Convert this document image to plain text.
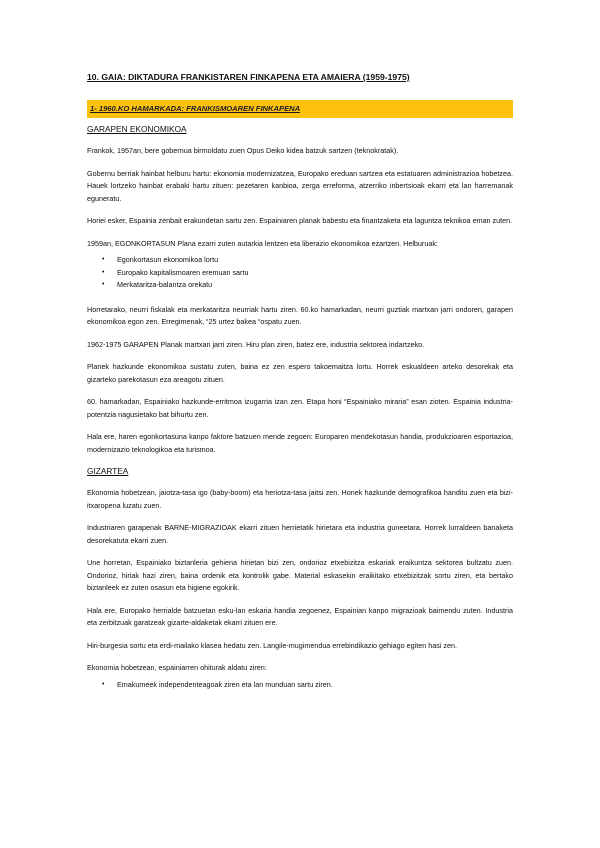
10. GAIA: DIKTADURA FRANKISTAREN FINKAPENA ETA AMAIERA (1959-1975)
1- 1960.KO HAMARKADA: FRANKISMOAREN FINKAPENA
GARAPEN EKONOMIKOA

Frankok, 1957an, bere gobernua birmoldatu zuen Opus Deiko kidea batzuk sartzen (teknokratak).

Gobernu berriak hainbat helburu hartu: ekonomia modernizatzea, Europako ereduan sartzea eta estatuaren administrazioa hobetzea. Hauek lortzeko hainbat erabaki hartu zituen: pezetaren kanbioa, zerga erreforma, atzerriko inbertsioak ekarri eta lan harremanak eguneratu.

Horiei esker, Espainia zenbait erakundetan sartu zen. Espainiaren planak babestu eta finantzaketa eta laguntza teknikoa eman zuten.

1959an, EGONKORTASUN Plana ezarri zuten autarkia lentzen eta liberazio ekonomikoa ezartzen. Helburuak:

• Egonkortasun ekonomikoa lortu
• Europako kapitalismoaren eremuan sartu
• Merkataritza-balantza orekatu

Horretarako, neurri fiskalak eta merkataritza neurriak hartu ziren. 60.ko hamarkadan, neurri guztiak martxan jarri ondoren, garapen ekonomikoa egon zen. Erregimenak, “25 urtez bakea “ospatu zuen.

1962-1975 GARAPEN Planak martxan jarri ziren. Hiru plan ziren, batez ere, industria sektorea indartzeko.

Planek hazkunde ekonomikoa sustatu zuten, baina ez zen espero takoemaitza lortu. Horrek eskualdeen arteko desorekak eta gizarteko parekotasun eza areagotu zituen.

60. hamarkadan, Espainiako hazkunde-erritmoa izugarria izan zen. Etapa honi “Espainiako miraria” esan zioten. Espainia industria-potentzia nagusietako bat bihurtu zen.

Hala ere, haren egonkortasuna kanpo faktore batzuen mende zegoen: Europaren mendekotasun handia, produkzioaren esportazioa, modernizazio teknologikoa eta turismoa.

GIZARTEA

Ekonomia hobetzean, jaiotza-tasa igo (baby-boom) eta heriotza-tasa jaitsi zen. Honek hazkunde demografikoa handitu zuen eta bizi-itxaropena luzatu zuen.

Industriaren garapenak BARNE-MIGRAZIOAK ekarri zituen herrietatik hirietara eta industria guneetara. Horrek lurraldeen banaketa desorekatuta ekarri zuen.

Une horretan, Espainiako biztanleria gehiena hirietan bizi zen, ondorioz etxebizitza eskariak eraikuntza sektorea bultzatu zuen. Ondorioz, hiriak hazi ziren, baina ordenik eta kontrolik gabe. Material eskasekin eraikitako etxebizitzak sortu ziren, eta bertako biztanleek ez zuten osasun eta higiene egokirik.

Hala ere, Europako herrialde batzuetan esku-lan eskaria handia zegoenez, Espainian kanpo migrazioak baimendu zuten. Industria eta zerbitzuak garatzeak gizarte-aldaketak ekarri zituen ere.

Hiri-burgesia sortu eta erdi-mailako klasea hedatu zen. Langile-mugimendua errebindikazio gehiago egiten hasi zen.

Ekonomia hobetzean, espainiarren ohiturak aldatu ziren:

• Emakumeek independenteagoak ziren eta lan munduan sartu ziren.
